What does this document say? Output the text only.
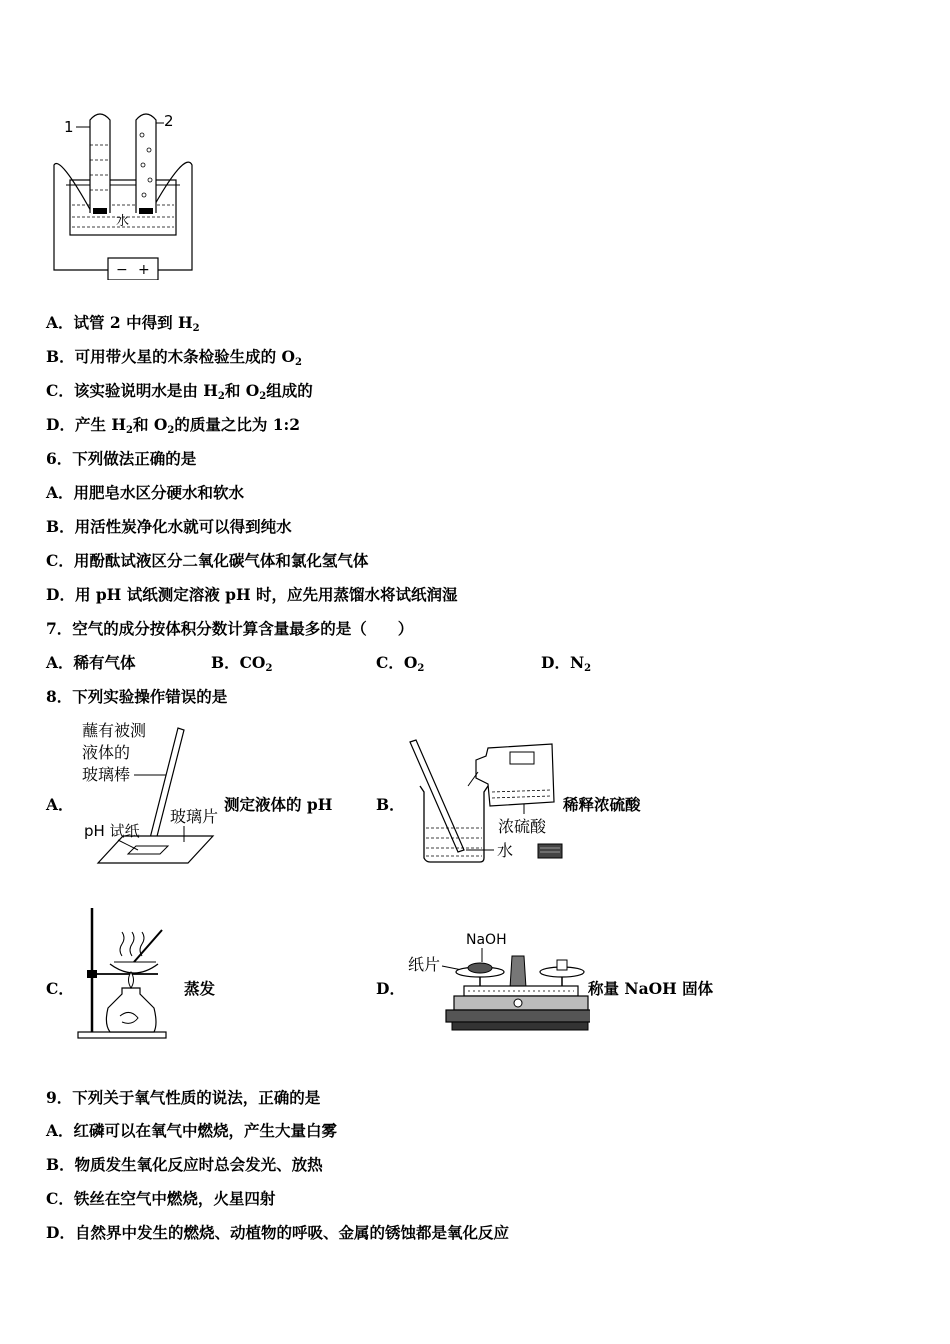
− +
水
1	2
A．试管 2 中得到 $H_2$
B．可用带火星的木条检验生成的 $O_2$
C．该实验说明水是由 $H_2$和 $O_2$组成的
D．产生 $H_2$和 $O_2$的质量之比为 1:2
6．下列做法正确的是
A．用肥皂水区分硬水和软水
B．用活性炭净化水就可以得到纯水
C．用酚酞试液区分二氧化碳气体和氯化氢气体
D．用 pH 试纸测定溶液 pH 时，应先用蒸馏水将试纸润湿
7．空气的成分按体积分数计算含量最多的是（　　）
A．稀有气体	B．$CO_2$	C．$O_2$	D．$N_2$
8．下列实验操作错误的是
A．
蘸有被测
液体的
玻璃棒
玻璃片
pH 试纸
测定液体的 pH	B．
浓硫酸
水
稀释浓硫酸
C．	蒸发	D．
NaOH
纸片
称量 NaOH 固体
9．下列关于氧气性质的说法，正确的是
A．红磷可以在氧气中燃烧，产生大量白雾
B．物质发生氧化反应时总会发光、放热
C．铁丝在空气中燃烧，火星四射
D．自然界中发生的燃烧、动植物的呼吸、金属的锈蚀都是氧化反应
